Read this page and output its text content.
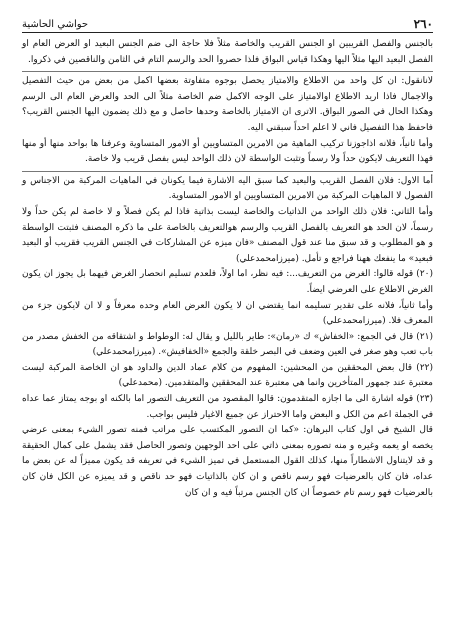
٢٦٠
حواشي الحاشية

بالجنس والفصل القريبين او الجنس القريب والخاصة مثلاً فلا حاجة الى ضم الجنس البعيد او العرض العام او الفصل البعيد اليها مثلاً اليها وهكذا قياس البواق فلذا حصروا الحد والرسم التام في الثامن والناقصين في ذكروا.

لانانقول: ان كل واحد من الاطلاع والامتياز يحصل بوجوه متفاوتة بعضها اكمل من بعض من حيث التفصيل والاجمال فاذا اريد الاطلاع اوالامتياز على الوجه الاكمل ضم الخاصة مثلاً الى الحد والعرض العام الى الرسم وهكذا الحال في الصور البواق. الاترى ان الامتياز بالخاصة وحدها حاصل و مع ذلك يضمون اليها الجنس القريب؟ فاحفظ هذا التفصيل فاني لا اعلم احداً سبقني اليه.

وأما ثانياً، فلانه اذاجوزنا تركيب الماهية من الامرين المتساويين أو الامور المتساوية وعرفنا ها بواحد منها أو منها فهذا التعريف لايكون حداً ولا رسماً وتثبت الواسطة لان ذلك الواحد ليس بفصل قريب ولا خاصة.

أما الاول: فلان الفصل القريب والبعيد كما سبق اليه الاشارة فيما يكونان في الماهيات المركبة من الاجناس و الفصول لا الماهيات المركبة من الامرين المتساويين او الامور المتساوية.

وأما الثاني: فلان ذلك الواحد من الذاتيات والخاصة ليست بذاتية فاذا لم يكن فصلاً و لا خاصة لم يكن حداً ولا رسماً، لان الحد هو التعريف بالفصل القريب والرسم هوالتعريف بالخاصة على ما ذكره المصنف فثبتت الواسطة و هو المطلوب و قد سبق منا عند قول المصنف «فان ميزه عن المشاركات في الجنس القريب فقريب أو البعيد فبعيد» ما ينفعك ههنا فراجع و تأمل. (ميرزامحمدعلي)

(٢٠) قوله قالوا: الغرض من التعريف...: فيه نظر، اما اولاً، فلعدم تسليم انحصار الغرض فيهما بل يجوز ان يكون الغرض الاطلاع على العرضي ايضاً.

وأما ثانياً، فلانه على تقدير تسليمه انما يقتضي ان لا يكون العرض العام وحده معرفاً و لا ان لايكون جزء من المعرف فلا. (ميرزامحمدعلي)

(٢١) قال في الجمع: «الخفاش» ك «رمان»: طاير بالليل و يقال له: الوطواط و اشتقاقه من الخفش مصدر من باب تعب وهو صغر في العين وضعف في البصر خلقة والجمع «الخفافيش». (ميرزامحمدعلي)

(٢٢) قال بعض المحققين من المحشين: المفهوم من كلام عماد الدين والداود هو ان الخاصة المركبة ليست معتبرة عند جمهور المتأخرين وانما هي معتبرة عند المحققين والمتقدمين. (محمدعلي)

(٢٣) قوله اشارة الى ما اجازه المتقدمون: قالوا المقصود من التعريف التصور اما بالكنه او بوجه يمتاز عما عداه في الجملة اعم من الكل و البعض واما الاحتراز عن جميع الاغيار فليس بواجب.

قال الشيخ في اول كتاب البرهان: «كما ان التصور المكتسب على مراتب فمنه تصور الشيء بمعنى عرضي يخصه او يعمه وغيره و منه تصوره بمعنى ذاتي على احد الوجهين وتصور الحاصل فقد يشمل على كمال الحقيقة و قد لايتناول الاشطاراً منها، كذلك القول المستعمل في تميز الشيء في تعريفه قد يكون مميزاً له عن بعض ما عداه، فان كان بالعرضيات فهو رسم ناقص و ان كان بالذاتيات فهو حد ناقص و قد يميزه عن الكل فان كان بالعرضيات فهو رسم تام خصوصاً ان كان الجنس مرتباً فيه و ان كان
